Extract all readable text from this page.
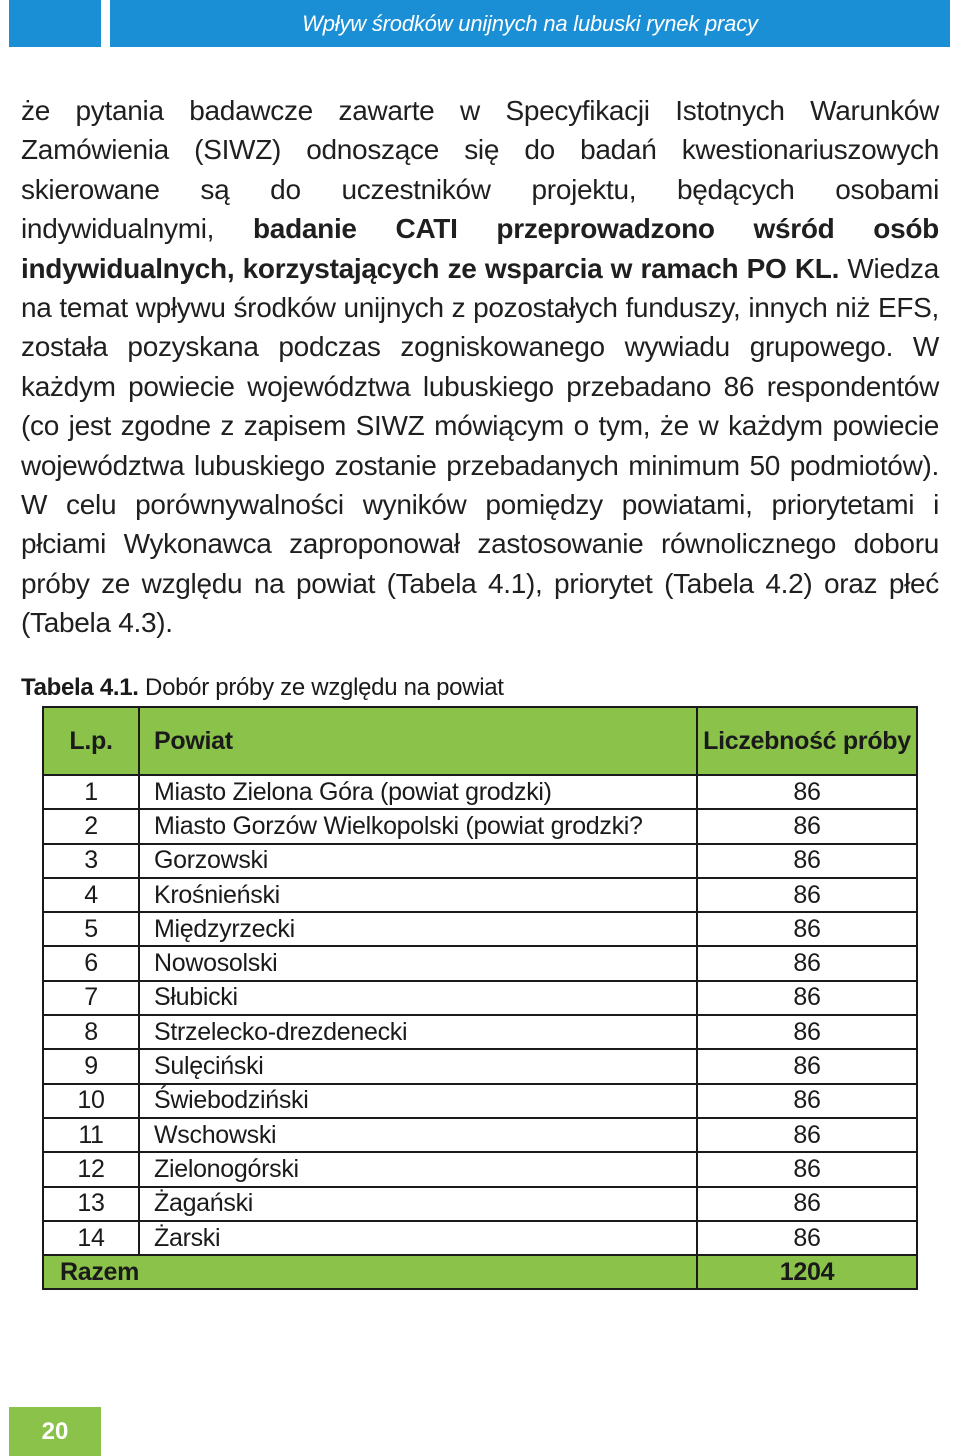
Wpływ środków unijnych na lubuski rynek pracy
że pytania badawcze zawarte w Specyfikacji Istotnych Warunków Zamówienia (SIWZ) odnoszące się do badań kwestionariuszowych skierowane są do uczestników projektu, będących osobami indywidualnymi, badanie CATI przeprowadzono wśród osób indywidualnych, korzystających ze wsparcia w ramach PO KL. Wiedza na temat wpływu środków unijnych z pozostałych funduszy, innych niż EFS, została pozyskana podczas zogniskowanego wywiadu grupowego. W każdym powiecie województwa lubuskiego przebadano 86 respondentów (co jest zgodne z zapisem SIWZ mówiącym o tym, że w każdym powiecie województwa lubuskiego zostanie przebadanych minimum 50 podmiotów). W celu porównywalności wyników pomiędzy powiatami, priorytetami i płciami Wykonawca zaproponował zastosowanie równolicznego doboru próby ze względu na powiat (Tabela 4.1), priorytet (Tabela 4.2) oraz płeć (Tabela 4.3).
Tabela 4.1. Dobór próby ze względu na powiat
L.p.	Powiat	Liczebność próby
1	Miasto Zielona Góra (powiat grodzki)	86
2	Miasto Gorzów Wielkopolski (powiat grodzki?	86
3	Gorzowski	86
4	Krośnieński	86
5	Międzyrzecki	86
6	Nowosolski	86
7	Słubicki	86
8	Strzelecko-drezdenecki	86
9	Sulęciński	86
10	Świebodziński	86
11	Wschowski	86
12	Zielonogórski	86
13	Żagański	86
14	Żarski	86
Razem		1204
20
